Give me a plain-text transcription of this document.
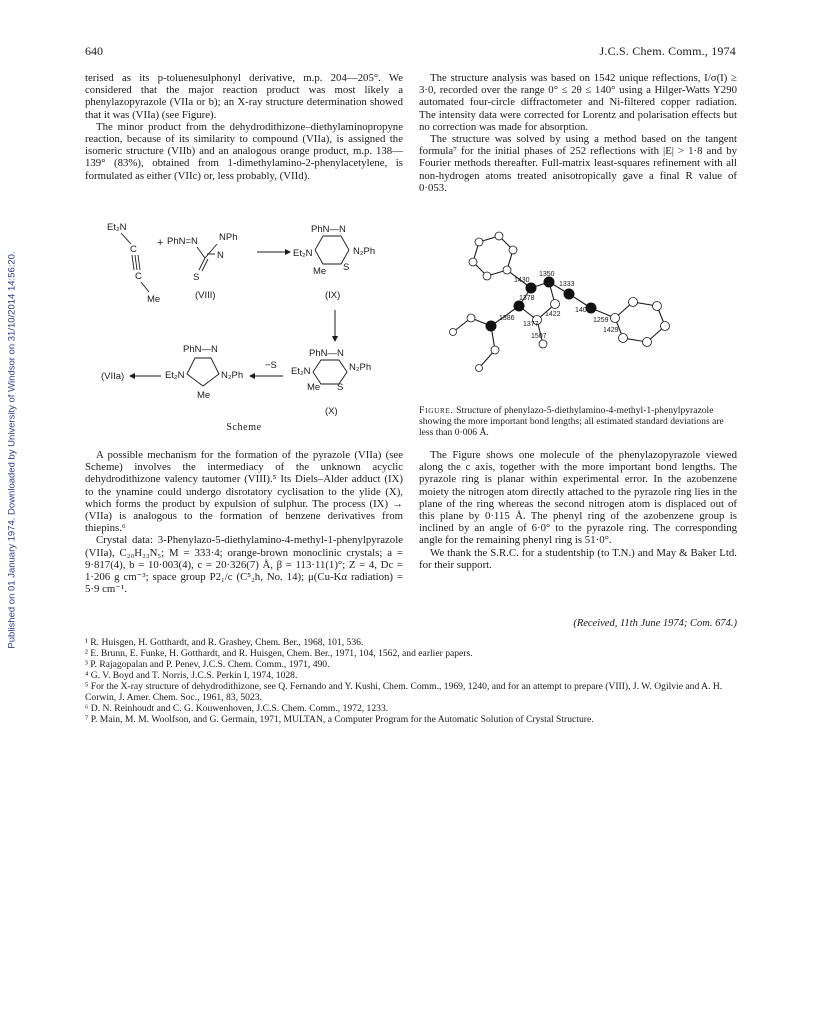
Published on 01 January 1974. Downloaded by University of Windsor on 31/10/2014 14:56:20.
640	J.C.S. Chem. Comm., 1974

terised as its p-toluenesulphonyl derivative, m.p. 204—205°. We considered that the major reaction product was most likely a phenylazopyrazole (VIIa or b); an X-ray structure determination showed that it was (VIIa) (see Figure).

The minor product from the dehydrodithizone–diethylaminopropyne reaction, because of its similarity to compound (VIIa), is assigned the isomeric structure (VIIb) and an analogous orange product, m.p. 138—139° (83%), obtained from 1-dimethylamino-2-phenylacetylene, is formulated as either (VIIc) or, less probably, (VIId).

Et₂N
C
C
Me
+ PhN=N
N
NPh
S
(VIII)
PhN—N
Et₂N
Me S
N₂Ph
(IX)
PhN—N
Et₂N
Me S
N₂Ph
(X)
−S
PhN—N
Et₂N
Me
N₂Ph
(VIIa)
Scheme

A possible mechanism for the formation of the pyrazole (VIIa) (see Scheme) involves the intermediacy of the unknown acyclic dehydrodithizone valency tautomer (VIII).⁵ Its Diels–Alder adduct (IX) to the ynamine could undergo disrotatory cyclisation to the ylide (X), which forms the product by expulsion of sulphur. The process (IX) → (VIIa) is analogous to the formation of benzene derivatives from thiepins.⁶

Crystal data: 3-Phenylazo-5-diethylamino-4-methyl-1-phenylpyrazole (VIIa), C₂₀H₂₃N₅; M = 333·4; orange-brown monoclinic crystals; a = 9·817(4), b = 10·003(4), c = 20·326(7) Å, β = 113·11(1)°; Z = 4, Dc = 1·206 g cm⁻³; space group P2₁/c (C⁵₂h, No. 14); μ(Cu-Kα radiation) = 5·9 cm⁻¹.

The structure analysis was based on 1542 unique reflections, I/σ(I) ≥ 3·0, recorded over the range 0° ≤ 2θ ≤ 140° using a Hilger-Watts Y290 automated four-circle diffractometer and Ni-filtered copper radiation. The intensity data were corrected for Lorentz and polarisation effects but no correction was made for absorption.

The structure was solved by using a method based on the tangent formula⁷ for the initial phases of 252 reflections with |E| > 1·8 and by Fourier methods thereafter. Full-matrix least-squares refinement with all non-hydrogen atoms treated anisotropically gave a final R value of 0·053.

1430
1350
1333
1408
1259
1429
1386
1377
1378
1422
1507
Figure. Structure of phenylazo-5-diethylamino-4-methyl-1-phenylpyrazole showing the more important bond lengths; all estimated standard deviations are less than 0·006 Å.

The Figure shows one molecule of the phenylazopyrazole viewed along the c axis, together with the more important bond lengths. The pyrazole ring is planar within experimental error. In the azobenzene moiety the nitrogen atom directly attached to the pyrazole ring lies in the plane of the ring whereas the second nitrogen atom is displaced out of this plane by 0·115 Å. The phenyl ring of the azobenzene group is inclined by an angle of 6·0° to the pyrazole ring. The corresponding angle for the remaining phenyl ring is 51·0°.

We thank the S.R.C. for a studentship (to T.N.) and May & Baker Ltd. for their support.

(Received, 11th June 1974; Com. 674.)
¹ R. Huisgen, H. Gotthardt, and R. Grashey, Chem. Ber., 1968, 101, 536.
² E. Brunn, E. Funke, H. Gotthardt, and R. Huisgen, Chem. Ber., 1971, 104, 1562, and earlier papers.
³ P. Rajagopalan and P. Penev, J.C.S. Chem. Comm., 1971, 490.
⁴ G. V. Boyd and T. Norris, J.C.S. Perkin I, 1974, 1028.
⁵ For the X-ray structure of dehydrodithizone, see Q. Fernando and Y. Kushi, Chem. Comm., 1969, 1240, and for an attempt to prepare (VIII), J. W. Ogilvie and A. H. Corwin, J. Amer. Chem. Soc., 1961, 83, 5023.
⁶ D. N. Reinhoudt and C. G. Kouwenhoven, J.C.S. Chem. Comm., 1972, 1233.
⁷ P. Main, M. M. Woolfson, and G. Germain, 1971, MULTAN, a Computer Program for the Automatic Solution of Crystal Structure.
